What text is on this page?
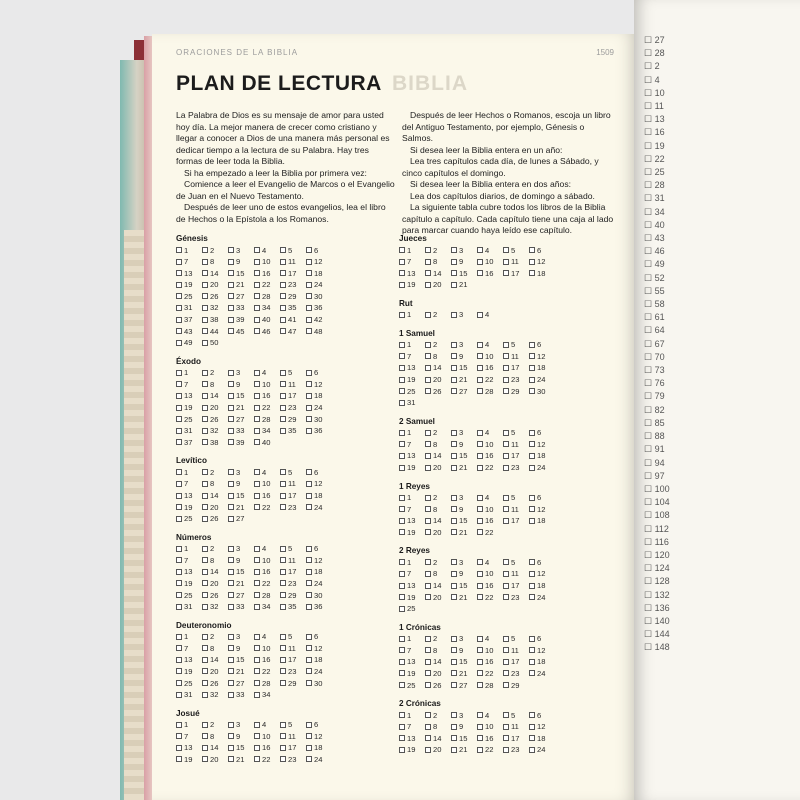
ORACIONES DE LA BIBLIA	1509
BIBLIA
PLAN DE LECTURA

La Palabra de Dios es su mensaje de amor para usted hoy día. La mejor manera de crecer como cristiano y llegar a conocer a Dios de una manera más personal es dedicar tiempo a la lectura de su Palabra. Hay tres formas de leer toda la Biblia.

Si ha empezado a leer la Biblia por primera vez:

Comience a leer el Evangelio de Marcos o el Evangelio de Juan en el Nuevo Testamento.

Después de leer uno de estos evangelios, lea el libro de Hechos o la Epístola a los Romanos.

Después de leer Hechos o Romanos, escoja un libro del Antiguo Testamento, por ejemplo, Génesis o Salmos.

Si desea leer la Biblia entera en un año:

Lea tres capítulos cada día, de lunes a Sábado, y cinco capítulos el domingo.

Si desea leer la Biblia entera en dos años:

Lea dos capítulos diarios, de domingo a sábado.

La siguiente tabla cubre todos los libros de la Biblia capítulo a capítulo. Cada capítulo tiene una caja al lado para marcar cuando haya leído ese capítulo.

Génesis
1	2	3	4	5	6
7	8	9	10 11 12
13 14 15 16 17 18
19 20 21 22 23 24
25 26 27 28 29 30
31 32 33 34 35 36
37 38 39 40 41 42
43 44 45 46 47 48
49 50
Éxodo
1	2	3	4	5	6
7	8	9	10 11 12
13 14 15 16 17 18
19 20 21 22 23 24
25 26 27 28 29 30
31 32 33 34 35 36
37 38 39 40
Levítico
1	2	3	4	5	6
7	8	9	10 11 12
13 14 15 16 17 18
19 20 21 22 23 24
25 26 27
Números
1	2	3	4	5	6
7	8	9	10 11 12
13 14 15 16 17 18
19 20 21 22 23 24
25 26 27 28 29 30
31 32 33 34 35 36
Deuteronomio
1	2	3	4	5	6
7	8	9	10 11 12
13 14 15 16 17 18
19 20 21 22 23 24
25 26 27 28 29 30
31 32 33 34
Josué
1	2	3	4	5	6
7	8	9	10 11 12
13 14 15 16 17 18
19 20 21 22 23 24
Jueces
1	2	3	4	5	6
7	8	9	10 11 12
13 14 15 16 17 18
19 20 21
Rut
1	2	3	4
1 Samuel
1	2	3	4	5	6
7	8	9	10 11 12
13 14 15 16 17 18
19 20 21 22 23 24
25 26 27 28 29 30
31
2 Samuel
1	2	3	4	5	6
7	8	9	10 11 12
13 14 15 16 17 18
19 20 21 22 23 24
1 Reyes
1	2	3	4	5	6
7	8	9	10 11 12
13 14 15 16 17 18
19 20 21 22
2 Reyes
1	2	3	4	5	6
7	8	9	10 11 12
13 14 15 16 17 18
19 20 21 22 23 24
25
1 Crónicas
1	2	3	4	5	6
7	8	9	10 11 12
13 14 15 16 17 18
19 20 21 22 23 24
25 26 27 28 29
2 Crónicas
1	2	3	4	5	6
7	8	9	10 11 12
13 14 15 16 17 18
19 20 21 22 23 24
☐ 27
☐ 28
☐ 2
☐ 4
☐ 10
☐ 11
☐ 13
☐ 16
☐ 19
☐ 22
☐ 25
☐ 28
☐ 31
☐ 34
☐ 40
☐ 43
☐ 46
☐ 49
☐ 52
☐ 55
☐ 58
☐ 61
☐ 64
☐ 67
☐ 70
☐ 73
☐ 76
☐ 79
☐ 82
☐ 85
☐ 88
☐ 91
☐ 94
☐ 97
☐ 100
☐ 104
☐ 108
☐ 112
☐ 116
☐ 120
☐ 124
☐ 128
☐ 132
☐ 136
☐ 140
☐ 144
☐ 148
